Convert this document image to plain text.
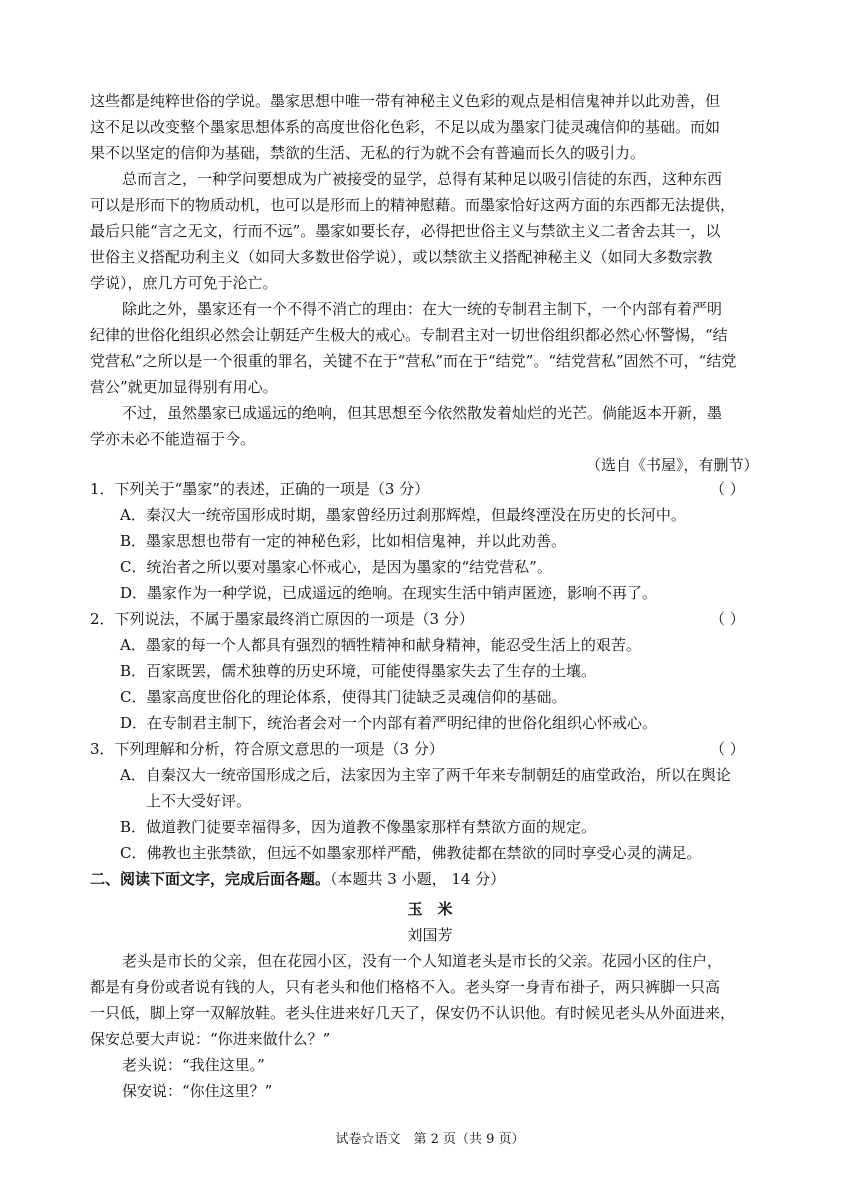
这些都是纯粹世俗的学说。墨家思想中唯一带有神秘主义色彩的观点是相信鬼神并以此劝善，但
这不足以改变整个墨家思想体系的高度世俗化色彩，不足以成为墨家门徒灵魂信仰的基础。而如
果不以坚定的信仰为基础，禁欲的生活、无私的行为就不会有普遍而长久的吸引力。
总而言之，一种学问要想成为广被接受的显学，总得有某种足以吸引信徒的东西，这种东西
可以是形而下的物质动机，也可以是形而上的精神慰藉。而墨家恰好这两方面的东西都无法提供，
最后只能“言之无文，行而不远”。墨家如要长存，必得把世俗主义与禁欲主义二者舍去其一，以
世俗主义搭配功利主义（如同大多数世俗学说），或以禁欲主义搭配神秘主义（如同大多数宗教
学说），庶几方可免于沦亡。
除此之外，墨家还有一个不得不消亡的理由：在大一统的专制君主制下，一个内部有着严明
纪律的世俗化组织必然会让朝廷产生极大的戒心。专制君主对一切世俗组织都必然心怀警惕，“结
党营私”之所以是一个很重的罪名，关键不在于“营私”而在于“结党”。“结党营私”固然不可，“结党
营公”就更加显得别有用心。
不过，虽然墨家已成遥远的绝响，但其思想至今依然散发着灿烂的光芒。倘能返本开新，墨
学亦未必不能造福于今。
（选自《书屋》，有删节）
1．下列关于“墨家”的表述，正确的一项是（3 分）	（ ）
A．秦汉大一统帝国形成时期，墨家曾经历过刹那辉煌，但最终湮没在历史的长河中。
B．墨家思想也带有一定的神秘色彩，比如相信鬼神，并以此劝善。
C．统治者之所以要对墨家心怀戒心，是因为墨家的“结党营私”。
D．墨家作为一种学说，已成遥远的绝响。在现实生活中销声匿迹，影响不再了。
2．下列说法，不属于墨家最终消亡原因的一项是（3 分）	（ ）
A．墨家的每一个人都具有强烈的牺牲精神和献身精神，能忍受生活上的艰苦。
B．百家既罢，儒术独尊的历史环境，可能使得墨家失去了生存的土壤。
C．墨家高度世俗化的理论体系，使得其门徒缺乏灵魂信仰的基础。
D．在专制君主制下，统治者会对一个内部有着严明纪律的世俗化组织心怀戒心。
3．下列理解和分析，符合原文意思的一项是（3 分）	（ ）
A．自秦汉大一统帝国形成之后，法家因为主宰了两千年来专制朝廷的庙堂政治，所以在舆论
上不大受好评。
B．做道教门徒要幸福得多，因为道教不像墨家那样有禁欲方面的规定。
C．佛教也主张禁欲，但远不如墨家那样严酷，佛教徒都在禁欲的同时享受心灵的满足。
二、阅读下面文字，完成后面各题。（本题共 3 小题， 14 分）
玉　米
刘国芳
老头是市长的父亲，但在花园小区，没有一个人知道老头是市长的父亲。花园小区的住户，
都是有身份或者说有钱的人，只有老头和他们格格不入。老头穿一身青布褂子，两只裤脚一只高
一只低，脚上穿一双解放鞋。老头住进来好几天了，保安仍不认识他。有时候见老头从外面进来，
保安总要大声说：“你进来做什么？”
老头说：“我住这里。”
保安说：“你住这里？”
试卷☆语文　第 2 页（共 9 页）
